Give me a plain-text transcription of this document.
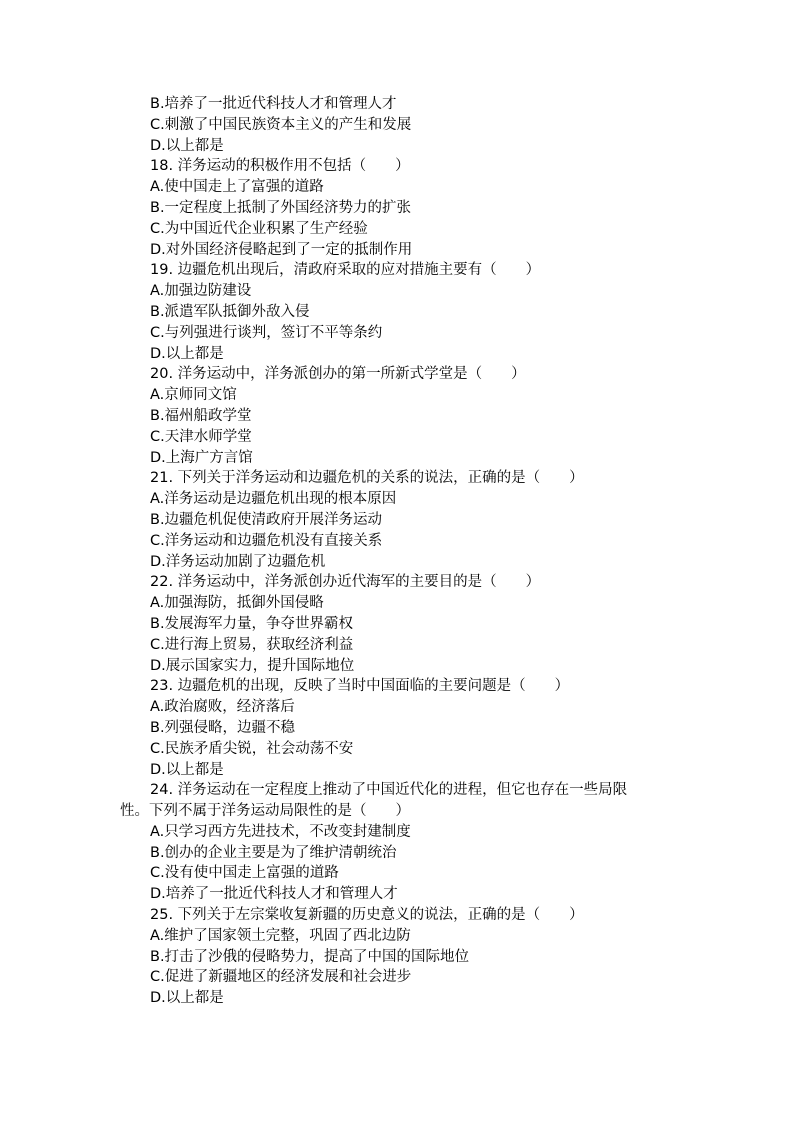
B.培养了一批近代科技人才和管理人才
C.刺激了中国民族资本主义的产生和发展
D.以上都是
18. 洋务运动的积极作用不包括（　　）
A.使中国走上了富强的道路
B.一定程度上抵制了外国经济势力的扩张
C.为中国近代企业积累了生产经验
D.对外国经济侵略起到了一定的抵制作用
19. 边疆危机出现后，清政府采取的应对措施主要有（　　）
A.加强边防建设
B.派遣军队抵御外敌入侵
C.与列强进行谈判，签订不平等条约
D.以上都是
20. 洋务运动中，洋务派创办的第一所新式学堂是（　　）
A.京师同文馆
B.福州船政学堂
C.天津水师学堂
D.上海广方言馆
21. 下列关于洋务运动和边疆危机的关系的说法，正确的是（　　）
A.洋务运动是边疆危机出现的根本原因
B.边疆危机促使清政府开展洋务运动
C.洋务运动和边疆危机没有直接关系
D.洋务运动加剧了边疆危机
22. 洋务运动中，洋务派创办近代海军的主要目的是（　　）
A.加强海防，抵御外国侵略
B.发展海军力量，争夺世界霸权
C.进行海上贸易，获取经济利益
D.展示国家实力，提升国际地位
23. 边疆危机的出现，反映了当时中国面临的主要问题是（　　）
A.政治腐败，经济落后
B.列强侵略，边疆不稳
C.民族矛盾尖锐，社会动荡不安
D.以上都是
24. 洋务运动在一定程度上推动了中国近代化的进程，但它也存在一些局限
性。下列不属于洋务运动局限性的是（　　）
A.只学习西方先进技术，不改变封建制度
B.创办的企业主要是为了维护清朝统治
C.没有使中国走上富强的道路
D.培养了一批近代科技人才和管理人才
25. 下列关于左宗棠收复新疆的历史意义的说法，正确的是（　　）
A.维护了国家领土完整，巩固了西北边防
B.打击了沙俄的侵略势力，提高了中国的国际地位
C.促进了新疆地区的经济发展和社会进步
D.以上都是
